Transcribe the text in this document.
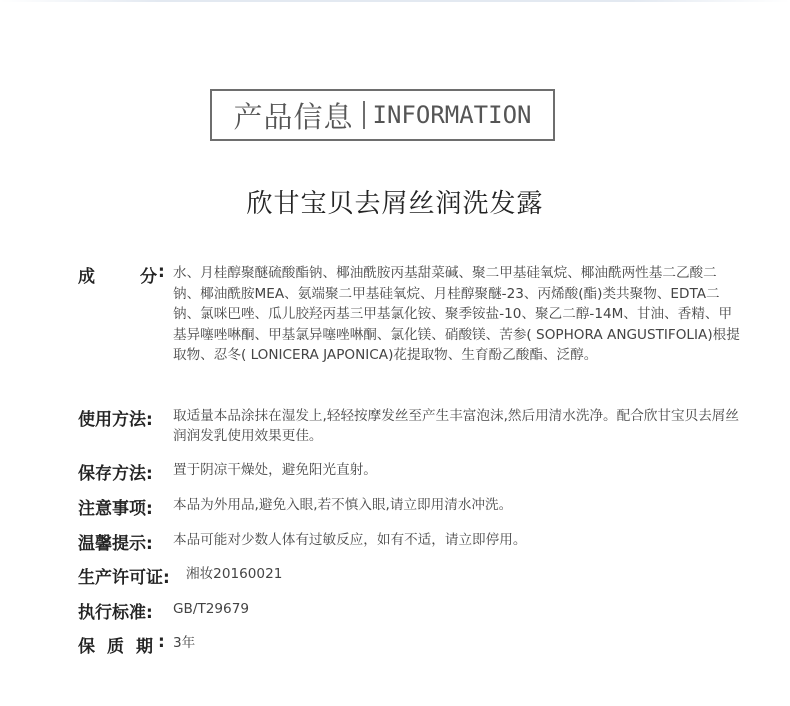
产品信息 INFORMATION
欣甘宝贝去屑丝润洗发露
成	分 : 水、月桂醇聚醚硫酸酯钠、椰油酰胺丙基甜菜碱、聚二甲基硅氧烷、椰油酰两性基二乙酸二钠、椰油酰胺MEA、氨端聚二甲基硅氧烷、月桂醇聚醚-23、丙烯酸(酯)类共聚物、EDTA二钠、氯咪巴唑、瓜儿胶羟丙基三甲基氯化铵、聚季铵盐-10、聚乙二醇-14M、甘油、香精、甲基异噻唑啉酮、甲基氯异噻唑啉酮、氯化镁、硝酸镁、苦参( SOPHORA ANGUSTIFOLIA)根提取物、忍冬( LONICERA JAPONICA)花提取物、生育酚乙酸酯、泛醇。
使用方法:	取适量本品涂抹在湿发上,轻轻按摩发丝至产生丰富泡沫,然后用清水洗净。配合欣甘宝贝去屑丝润润发乳使用效果更佳。
保存方法:	置于阴凉干燥处，避免阳光直射。
注意事项:	本品为外用品,避免入眼,若不慎入眼,请立即用清水冲洗。
温馨提示:	本品可能对少数人体有过敏反应，如有不适，请立即停用。
生产许可证: 湘妆20160021
执行标准:	GB/T29679
保 质 期 : 3年
